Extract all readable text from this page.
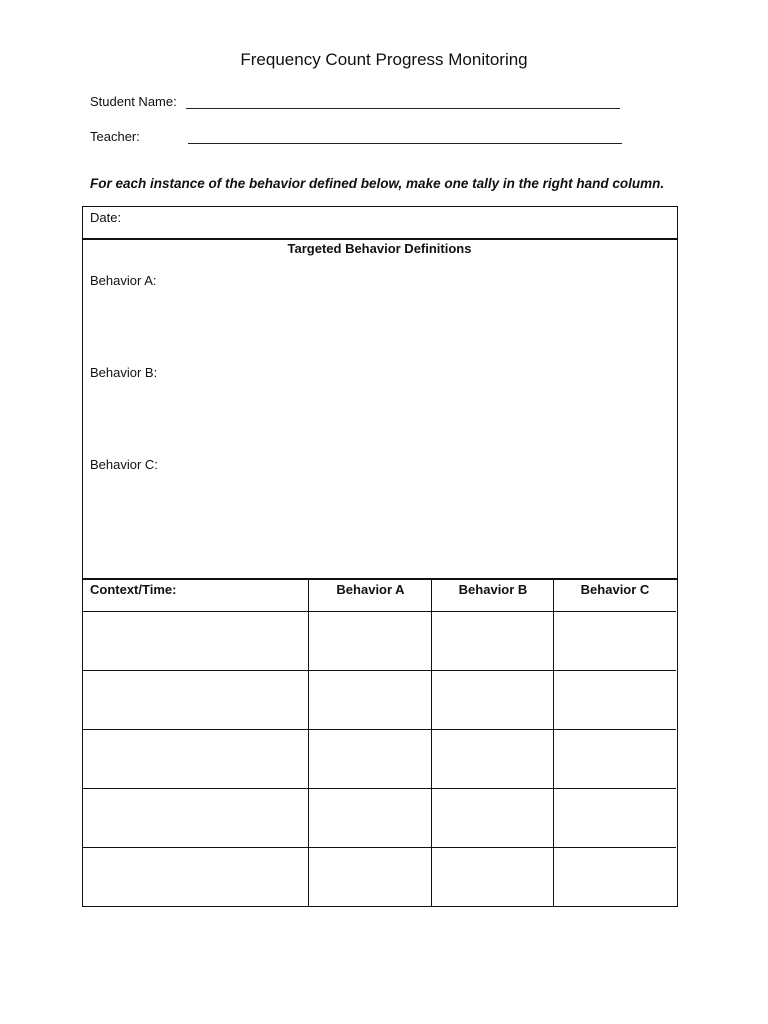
Frequency Count Progress Monitoring
Student Name:
Teacher:
For each instance of the behavior defined below, make one tally in the right hand column.
Date:
Targeted Behavior Definitions
Behavior A:
Behavior B:
Behavior C:
Context/Time:	Behavior A	Behavior B	Behavior C
